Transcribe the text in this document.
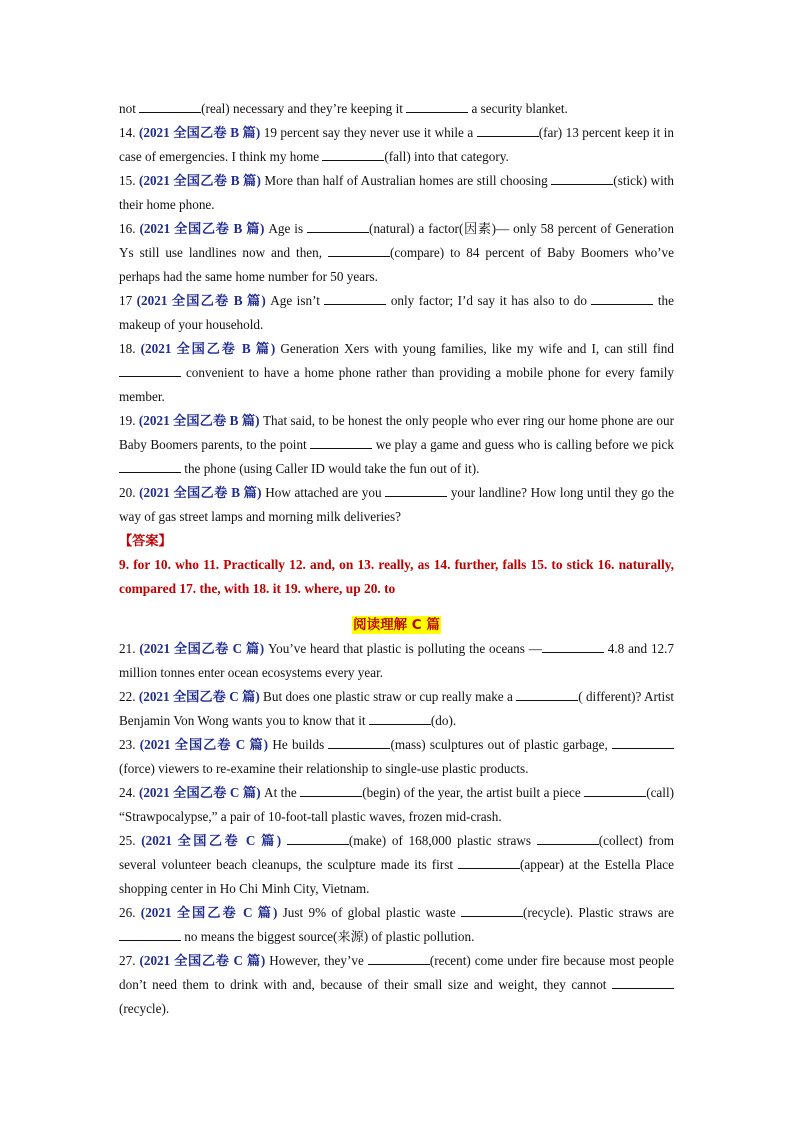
not	(real) necessary and they’re keeping it	a security blanket.

14. (2021 全国乙卷 B 篇) 19 percent say they never use it while a	(far) 13 percent keep it in case of emergencies. I think my home	(fall) into that category.

15. (2021 全国乙卷 B 篇) More than half of Australian homes are still choosing	(stick) with their home phone.

16. (2021 全国乙卷 B 篇) Age is	(natural) a factor(因素)— only 58 percent of Generation Ys still use landlines now and then,	(compare) to 84 percent of Baby Boomers who’ve perhaps had the same home number for 50 years.

17 (2021 全国乙卷 B 篇) Age isn’t	only factor; I’d say it has also to do	the makeup of your household.

18. (2021 全国乙卷 B 篇) Generation Xers with young families, like my wife and I, can still find  convenient to have a home phone rather than providing a mobile phone for every family member.

19. (2021 全国乙卷 B 篇) That said, to be honest the only people who ever ring our home phone are our Baby Boomers parents, to the point	we play a game and guess who is calling before we pick the phone (using Caller ID would take the fun out of it).

20. (2021 全国乙卷 B 篇) How attached are you	your landline? How long until they go the way of gas street lamps and morning milk deliveries?

【答案】

9. for 10. who 11. Practically 12. and, on 13. really, as 14. further, falls 15. to stick 16. naturally, compared 17. the, with 18. it 19. where, up 20. to

阅读理解 C 篇

21. (2021 全国乙卷 C 篇) You’ve heard that plastic is polluting the oceans —	4.8 and 12.7 million tonnes enter ocean ecosystems every year.

22. (2021 全国乙卷 C 篇) But does one plastic straw or cup really make a	( different)? Artist Benjamin Von Wong wants you to know that it	(do).

23. (2021 全国乙卷 C 篇) He builds	(mass) sculptures out of plastic garbage, (force) viewers to re-examine their relationship to single-use plastic products.

24. (2021 全国乙卷 C 篇) At the	(begin) of the year, the artist built a piece	(call) “Strawpocalypse,” a pair of 10-foot-tall plastic waves, frozen mid-crash.

25. (2021 全国乙卷 C 篇)	(make) of 168,000 plastic straws	(collect) from several volunteer beach cleanups, the sculpture made its first	(appear) at the Estella Place shopping center in Ho Chi Minh City, Vietnam.

26. (2021 全国乙卷 C 篇) Just 9% of global plastic waste	(recycle). Plastic straws are  no means the biggest source(来源) of plastic pollution.

27. (2021 全国乙卷 C 篇) However, they’ve	(recent) come under fire because most people don’t need them to drink with and, because of their small size and weight, they cannot (recycle).
